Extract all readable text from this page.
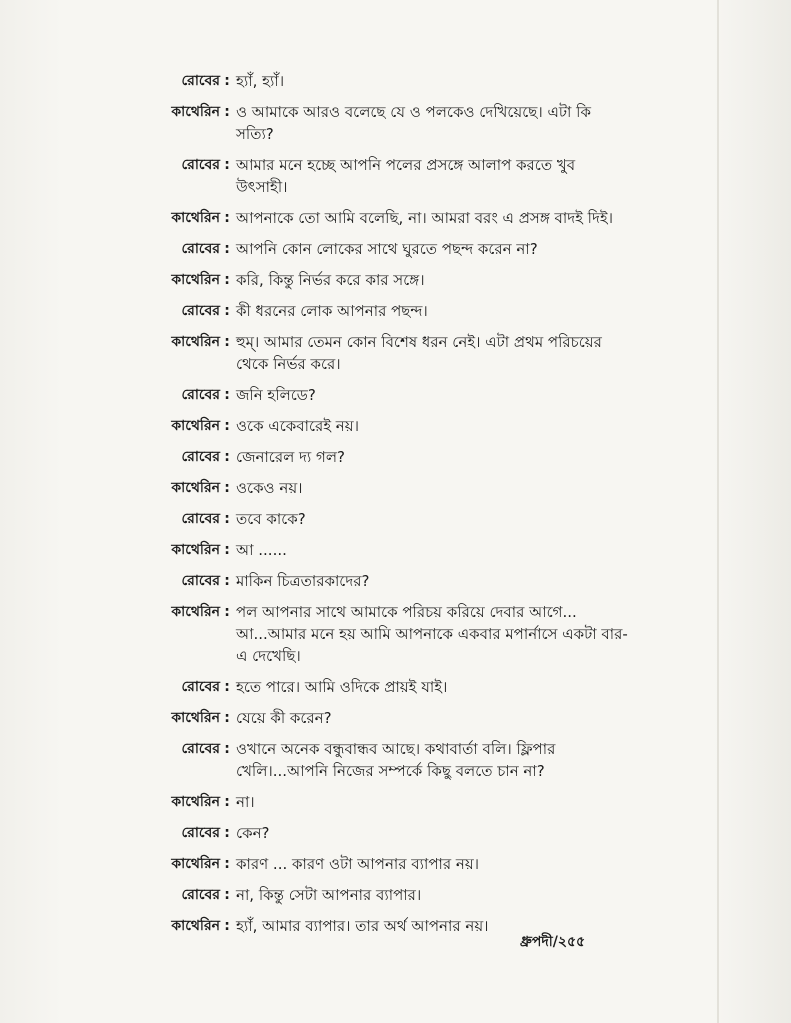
রোবের : হ্যাঁ, হ্যাঁ।
কাথেরিন : ও আমাকে আরও বলেছে যে ও পলকেও দেখিয়েছে। এটা কি সত্যি?
রোবের : আমার মনে হচ্ছে আপনি পলের প্রসঙ্গে আলাপ করতে খুব উৎসাহী।
কাথেরিন : আপনাকে তো আমি বলেছি, না। আমরা বরং এ প্রসঙ্গ বাদই দিই।
রোবের : আপনি কোন লোকের সাথে ঘুরতে পছন্দ করেন না?
কাথেরিন : করি, কিন্তু নির্ভর করে কার সঙ্গে।
রোবের : কী ধরনের লোক আপনার পছন্দ।
কাথেরিন : হুম্‌। আমার তেমন কোন বিশেষ ধরন নেই। এটা প্রথম পরিচয়ের থেকে নির্ভর করে।
রোবের : জনি হলিডে?
কাথেরিন : ওকে একেবারেই নয়।
রোবের : জেনারেল দ্য গল?
কাথেরিন : ওকেও নয়।
রোবের : তবে কাকে?
কাথেরিন : আ ......
রোবের : মাকিন চিত্রতারকাদের?
কাথেরিন : পল আপনার সাথে আমাকে পরিচয় করিয়ে দেবার আগে... আ...আমার মনে হয় আমি আপনাকে একবার মপার্নাসে একটা বার-এ দেখেছি।
রোবের : হতে পারে। আমি ওদিকে প্রায়ই যাই।
কাথেরিন : যেয়ে কী করেন?
রোবের : ওখানে অনেক বন্ধুবান্ধব আছে। কথাবার্তা বলি। ফ্লিপার খেলি।...আপনি নিজের সম্পর্কে কিছু বলতে চান না?
কাথেরিন : না।
রোবের : কেন?
কাথেরিন : কারণ ... কারণ ওটা আপনার ব্যাপার নয়।
রোবের : না, কিন্তু সেটা আপনার ব্যাপার।
কাথেরিন : হ্যাঁ, আমার ব্যাপার। তার অর্থ আপনার নয়।
ধ্রুপদী/২৫৫
